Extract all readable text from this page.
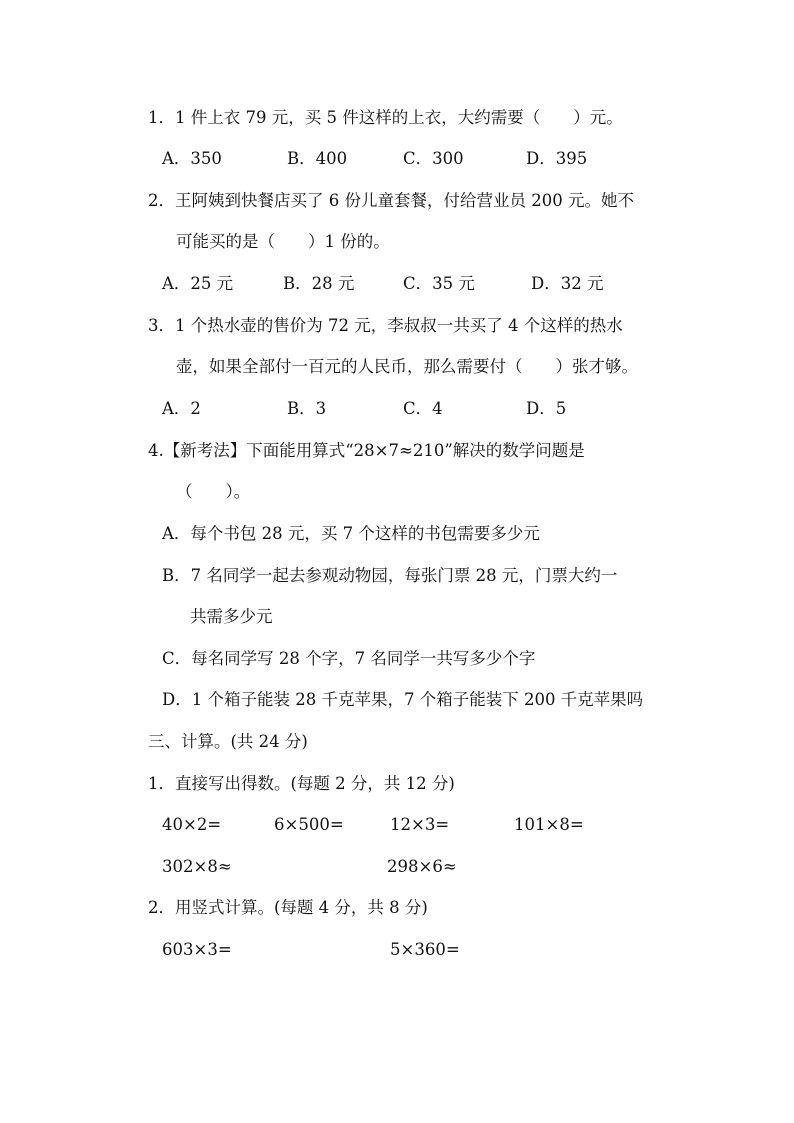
1．1 件上衣 79 元，买 5 件这样的上衣，大约需要（　　）元。
A．350	B．400	C．300	D．395
2．王阿姨到快餐店买了 6 份儿童套餐，付给营业员 200 元。她不
可能买的是（　　）1 份的。
A．25 元	B．28 元	C．35 元	D．32 元
3．1 个热水壶的售价为 72 元，李叔叔一共买了 4 个这样的热水
壶，如果全部付一百元的人民币，那么需要付（　　）张才够。
A．2	B．3	C．4	D．5
4.【新考法】下面能用算式“28×7≈210”解决的数学问题是
（　　）。
A．每个书包 28 元，买 7 个这样的书包需要多少元
B．7 名同学一起去参观动物园，每张门票 28 元，门票大约一
共需多少元
C．每名同学写 28 个字，7 名同学一共写多少个字
D．1 个箱子能装 28 千克苹果，7 个箱子能装下 200 千克苹果吗
三、计算。(共 24 分)
1．直接写出得数。(每题 2 分，共 12 分)
40×2=	6×500=	12×3=	101×8=
302×8≈	298×6≈
2．用竖式计算。(每题 4 分，共 8 分)
603×3=	5×360=
